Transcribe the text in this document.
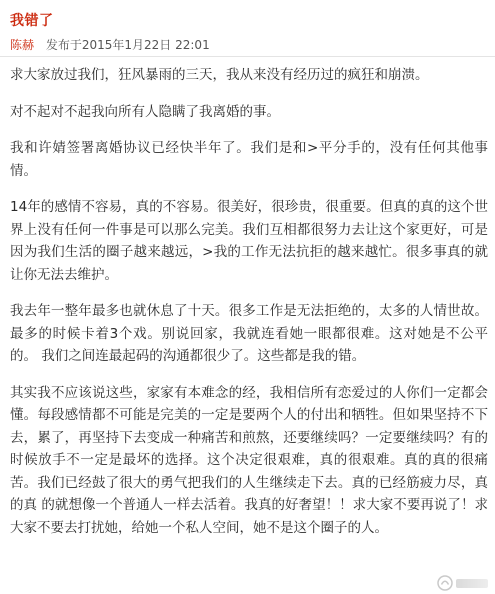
我错了
陈赫 发布于2015年1月22日 22:01

求大家放过我们，狂风暴雨的三天，我从来没有经历过的疯狂和崩溃。

对不起对不起我向所有人隐瞒了我离婚的事。

我和许婧签署离婚协议已经快半年了。我们是和>平分手的，没有任何其他事情。

14年的感情不容易，真的不容易。很美好，很珍贵，很重要。但真的真的这个世界上没有任何一件事是可以那么完美。我们互相都很努力去让这个家更好，可是因为我们生活的圈子越来越远，>我的工作无法抗拒的越来越忙。很多事真的就让你无法去维护。

我去年一整年最多也就休息了十天。很多工作是无法拒绝的，太多的人情世故。最多的时候卡着3个戏。别说回家，我就连看她一眼都很难。这对她是不公平的。 我们之间连最起码的沟通都很少了。这些都是我的错。

其实我不应该说这些，家家有本难念的经，我相信所有恋爱过的人你们一定都会懂。每段感情都不可能是完美的一定是要两个人的付出和牺牲。但如果坚持不下去，累了，再坚持下去变成一种痛苦和煎熬，还要继续吗？一定要继续吗？有的时候放手不一定是最坏的选择。这个决定很艰难，真的很艰难。真的真的很痛苦。我们已经鼓了很大的勇气把我们的人生继续走下去。真的已经筋疲力尽，真的真 的就想像一个普通人一样去活着。我真的好奢望！！求大家不要再说了！求大家不要去打扰她，给她一个私人空间，她不是这个圈子的人。
